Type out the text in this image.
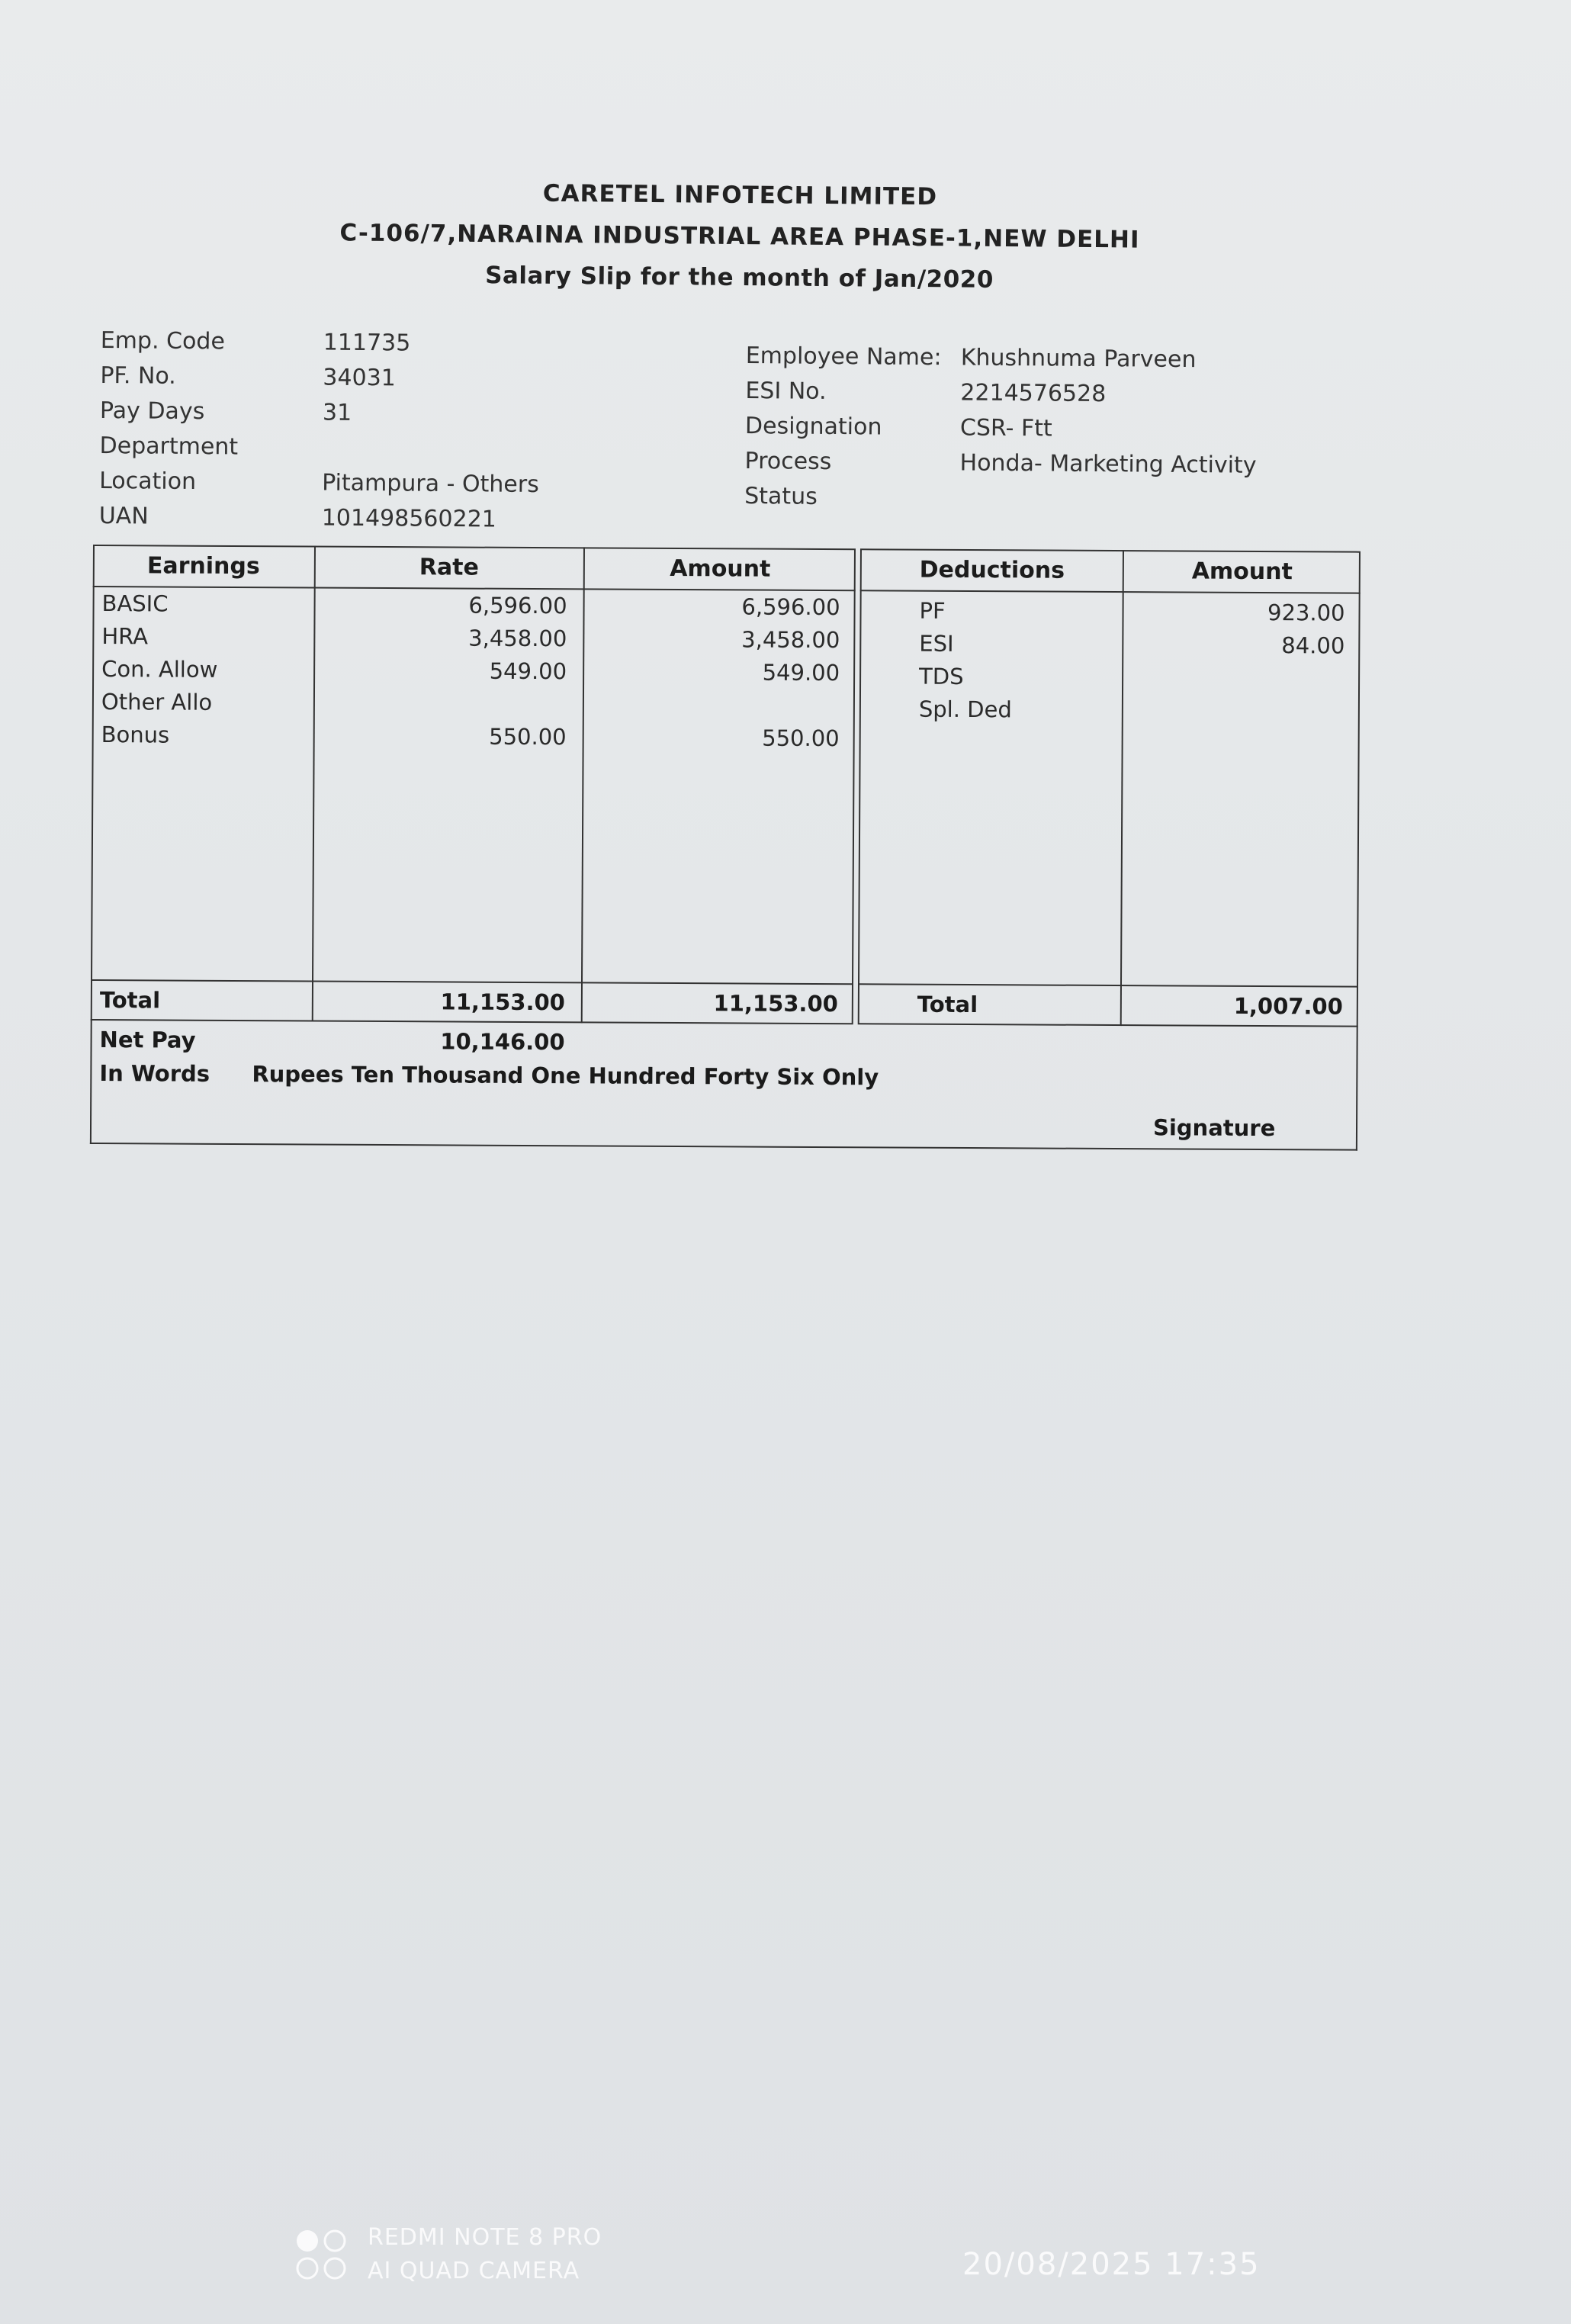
CARETEL INFOTECH LIMITED
C-106/7,NARAINA INDUSTRIAL AREA PHASE-1,NEW DELHI
Salary Slip for the month of Jan/2020
Emp. Code	111735
PF. No.	34031
Pay Days	31
Department
Location	Pitampura - Others
UAN	101498560221
Employee Name: Khushnuma Parveen
ESI No.	2214576528
Designation	CSR- Ftt
Process	Honda- Marketing Activity
Status
Earnings	Rate	Amount	Deductions	Amount
BASIC	6,596.00	6,596.00
HRA	3,458.00	3,458.00
Con. Allow	549.00	549.00
Other Allo
Bonus	550.00	550.00
PF	923.00
ESI	84.00
TDS
Spl. Ded
Total	11,153.00	11,153.00	Total	1,007.00
Net Pay	10,146.00
In Words Rupees Ten Thousand One Hundred Forty Six Only
Signature
REDMI NOTE 8 PRO
AI QUAD CAMERA	20/08/2025 17:35
